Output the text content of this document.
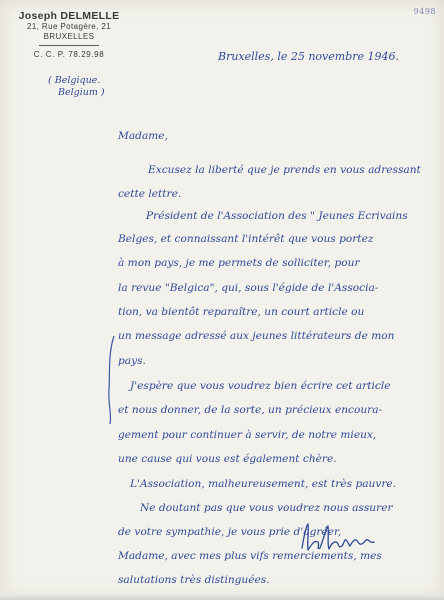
9498
Joseph DELMELLE
21, Rue Potagère, 21
BRUXELLES
C. C. P. 78.29.98
( Belgique.
Belgium )
Bruxelles, le 25 novembre 1946.
Madame,
Excusez la liberté que je prends en vous adressant
cette lettre.
Président de l'Association des " Jeunes Ecrivains
Belges, et connaissant l'intérêt que vous portez
à mon pays, je me permets de solliciter, pour
la revue "Belgica", qui, sous l'égide de l'Associa-
tion, va bientôt reparaître, un court article ou
un message adressé aux jeunes littérateurs de mon
pays.
J'espère que vous voudrez bien écrire cet article
et nous donner, de la sorte, un précieux encoura-
gement pour continuer à servir, de notre mieux,
une cause qui vous est également chère.
L'Association, malheureusement, est très pauvre.
Ne doutant pas que vous voudrez nous assurer
de votre sympathie, je vous prie d'agréer,
Madame, avec mes plus vifs remerciements, mes
salutations très distinguées.
